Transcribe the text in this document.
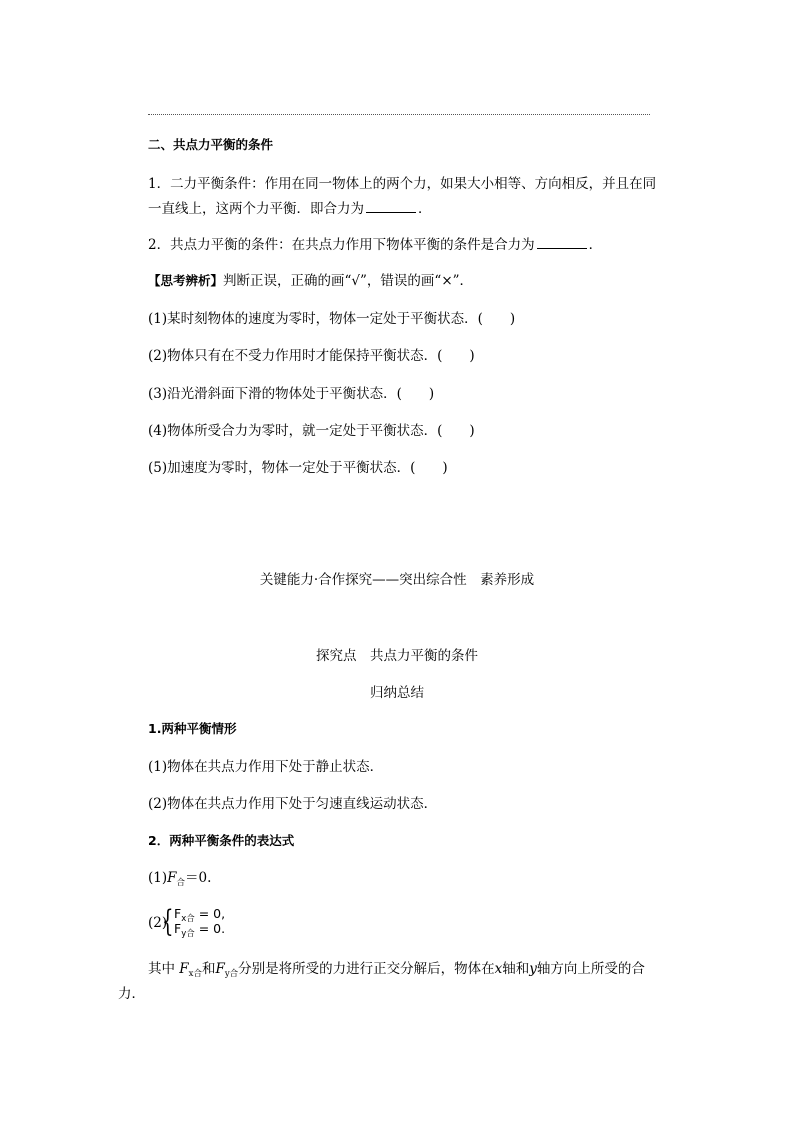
二、共点力平衡的条件
1．二力平衡条件：作用在同一物体上的两个力，如果大小相等、方向相反，并且在同
一直线上，这两个力平衡．即合力为	．
2．共点力平衡的条件：在共点力作用下物体平衡的条件是合力为	．
【思考辨析】判断正误，正确的画“√”，错误的画“×”．
(1)某时刻物体的速度为零时，物体一定处于平衡状态．(　　)
(2)物体只有在不受力作用时才能保持平衡状态．(　　)
(3)沿光滑斜面下滑的物体处于平衡状态．(　　)
(4)物体所受合力为零时，就一定处于平衡状态．(　　)
(5)加速度为零时，物体一定处于平衡状态．(　　)
关键能力·合作探究——突出综合性　素养形成
探究点　共点力平衡的条件
归纳总结
1.两种平衡情形
(1)物体在共点力作用下处于静止状态．
(2)物体在共点力作用下处于匀速直线运动状态．
2．两种平衡条件的表达式
$(1)F_合=0$.
(2)
{ $F_{x合} = 0$,
$F_{y合} = 0$.
其中 $F_{x合}$和$F_{y合}$分别是将所受的力进行正交分解后，物体在x轴和y轴方向上所受的合
力．
